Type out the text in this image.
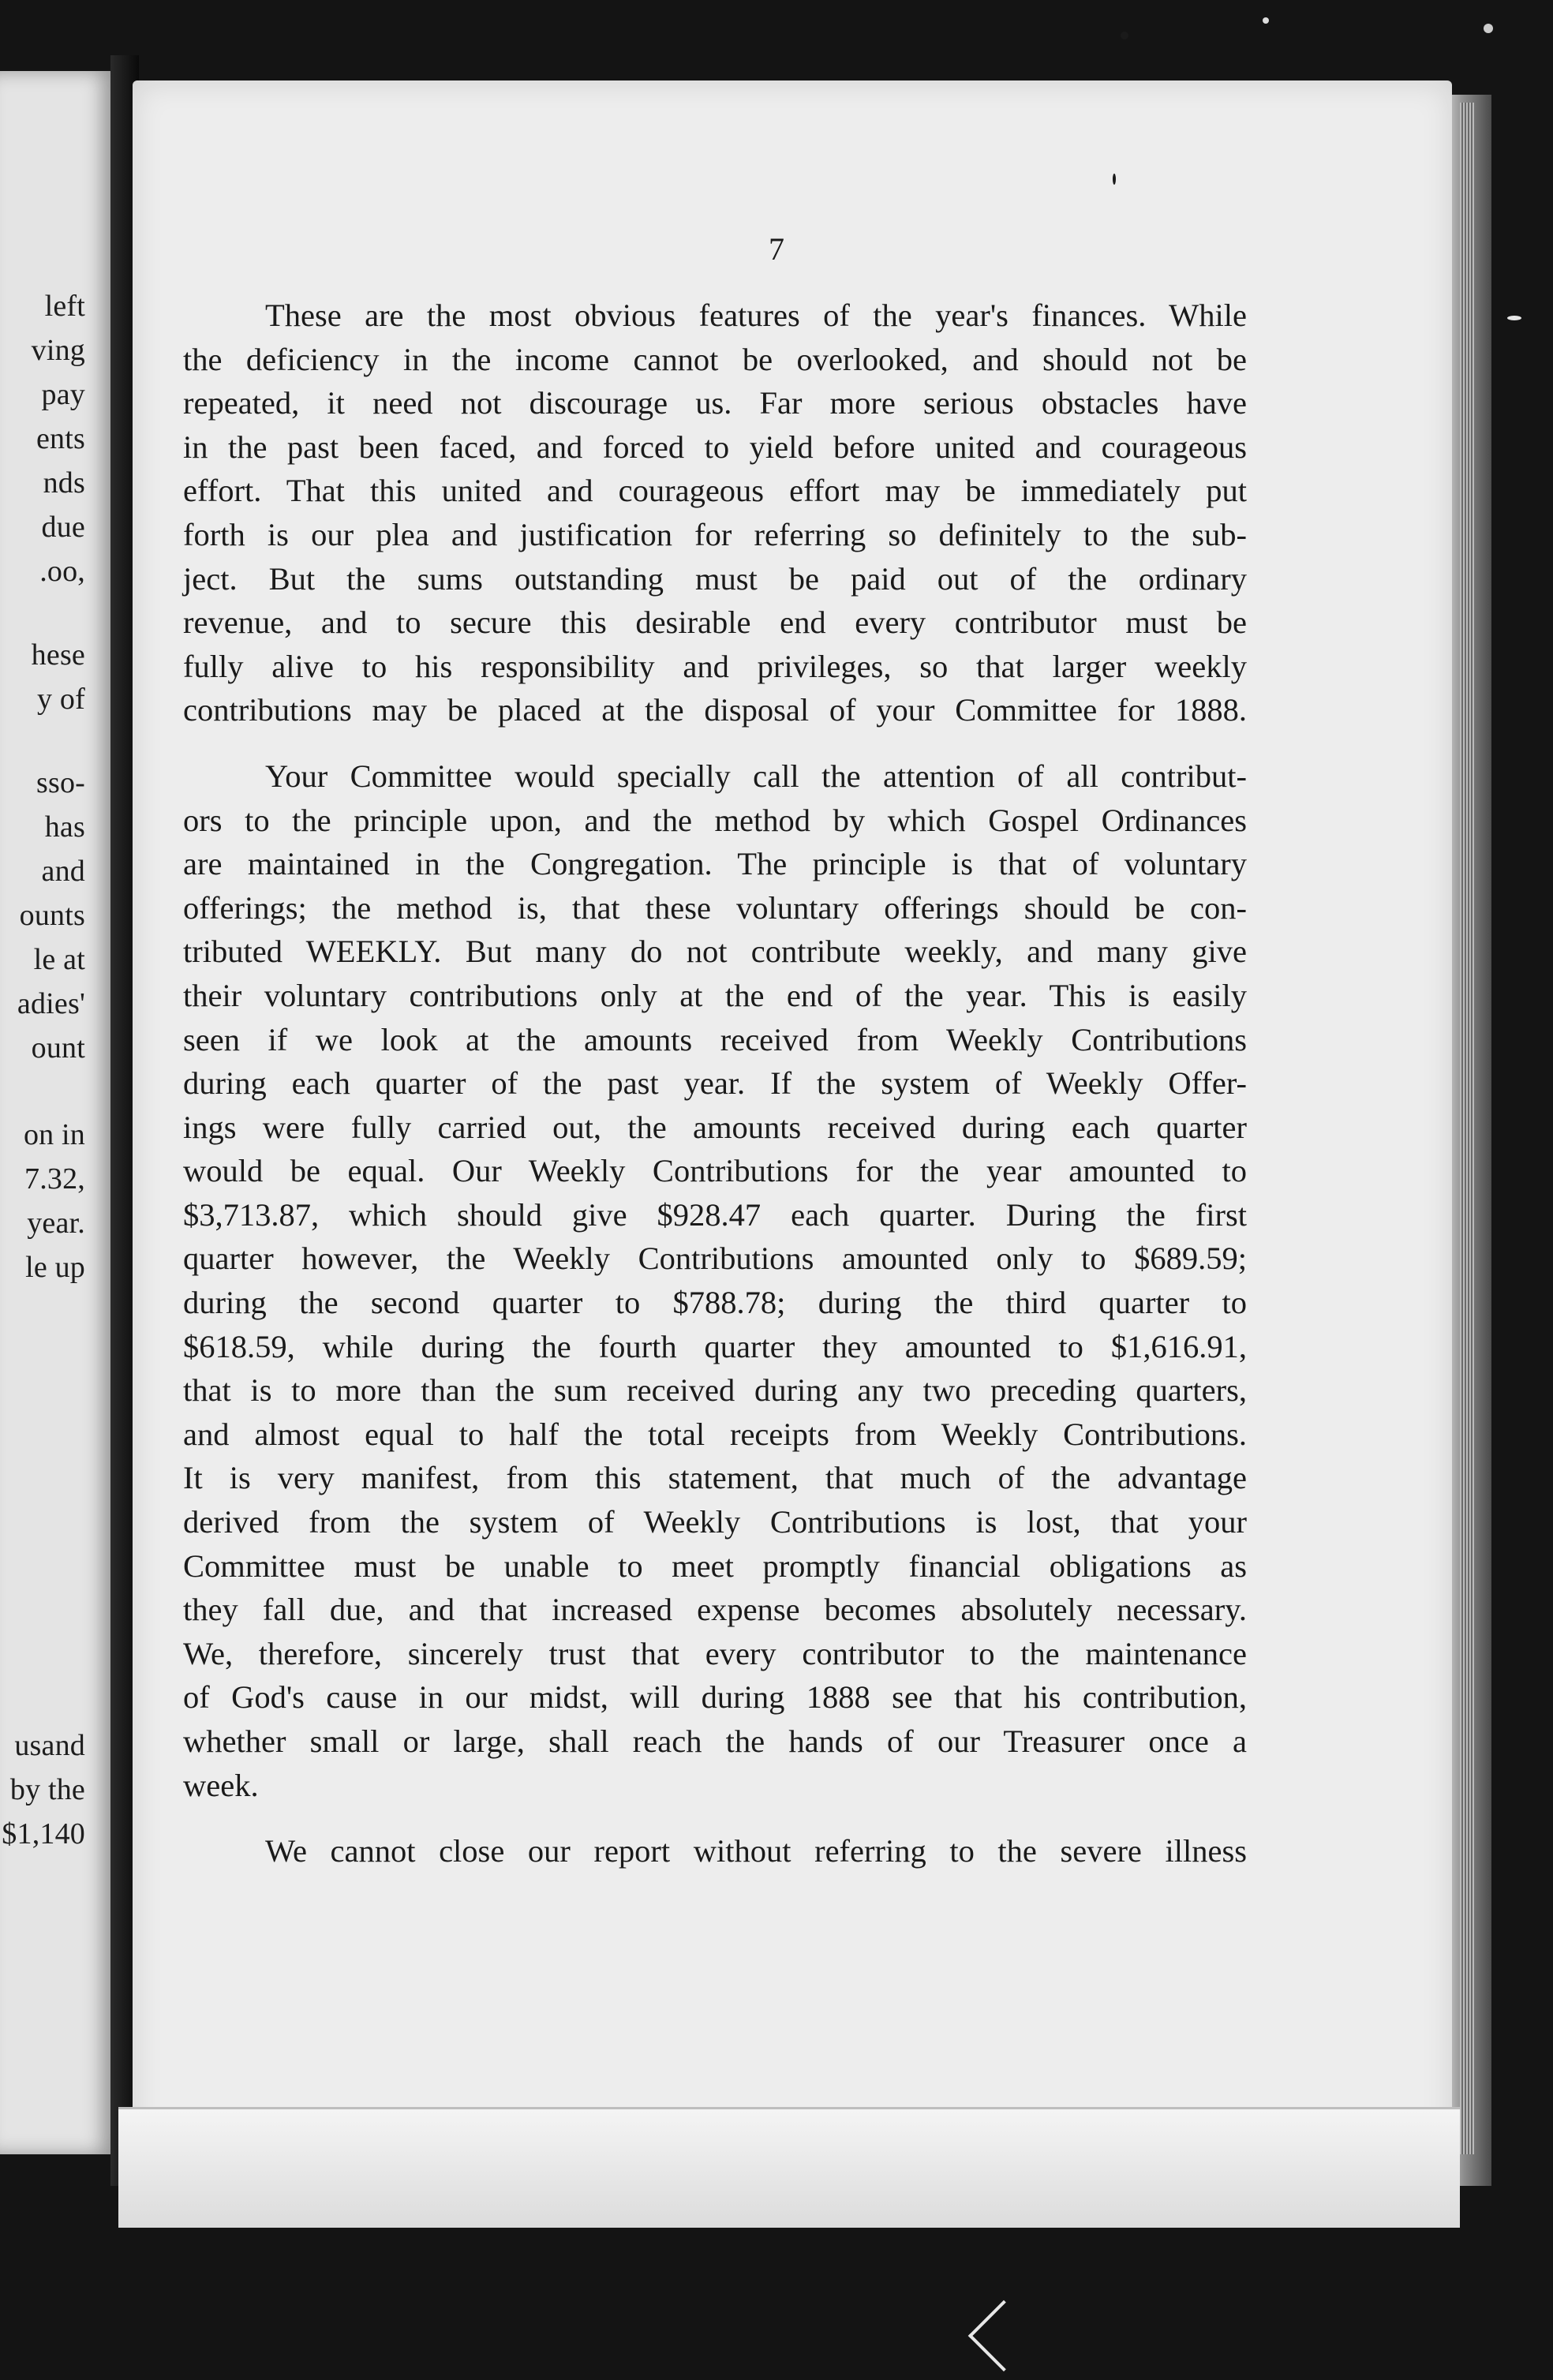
left
ving
pay
ents
nds
due
.oo,
hese
y of
sso-
has
and
ounts
le at
adies'
ount
on in
7.32,
year.
le up
usand
by the
$1,140
7

These are the most obvious features of the year's finances. While
the deficiency in the income cannot be overlooked, and should not be
repeated, it need not discourage us. Far more serious obstacles have
in the past been faced, and forced to yield before united and courageous
effort. That this united and courageous effort may be immediately put
forth is our plea and justification for referring so definitely to the sub-
ject. But the sums outstanding must be paid out of the ordinary
revenue, and to secure this desirable end every contributor must be
fully alive to his responsibility and privileges, so that larger weekly
contributions may be placed at the disposal of your Committee for 1888.

Your Committee would specially call the attention of all contribut-
ors to the principle upon, and the method by which Gospel Ordinances
are maintained in the Congregation. The principle is that of voluntary
offerings; the method is, that these voluntary offerings should be con-
tributed WEEKLY. But many do not contribute weekly, and many give
their voluntary contributions only at the end of the year. This is easily
seen if we look at the amounts received from Weekly Contributions
during each quarter of the past year. If the system of Weekly Offer-
ings were fully carried out, the amounts received during each quarter
would be equal. Our Weekly Contributions for the year amounted to
$3,713.87, which should give $928.47 each quarter. During the first
quarter however, the Weekly Contributions amounted only to $689.59;
during the second quarter to $788.78; during the third quarter to
$618.59, while during the fourth quarter they amounted to $1,616.91,
that is to more than the sum received during any two preceding quarters,
and almost equal to half the total receipts from Weekly Contributions.
It is very manifest, from this statement, that much of the advantage
derived from the system of Weekly Contributions is lost, that your
Committee must be unable to meet promptly financial obligations as
they fall due, and that increased expense becomes absolutely necessary.
We, therefore, sincerely trust that every contributor to the maintenance
of God's cause in our midst, will during 1888 see that his contribution,
whether small or large, shall reach the hands of our Treasurer once a
week.

We cannot close our report without referring to the severe illness
